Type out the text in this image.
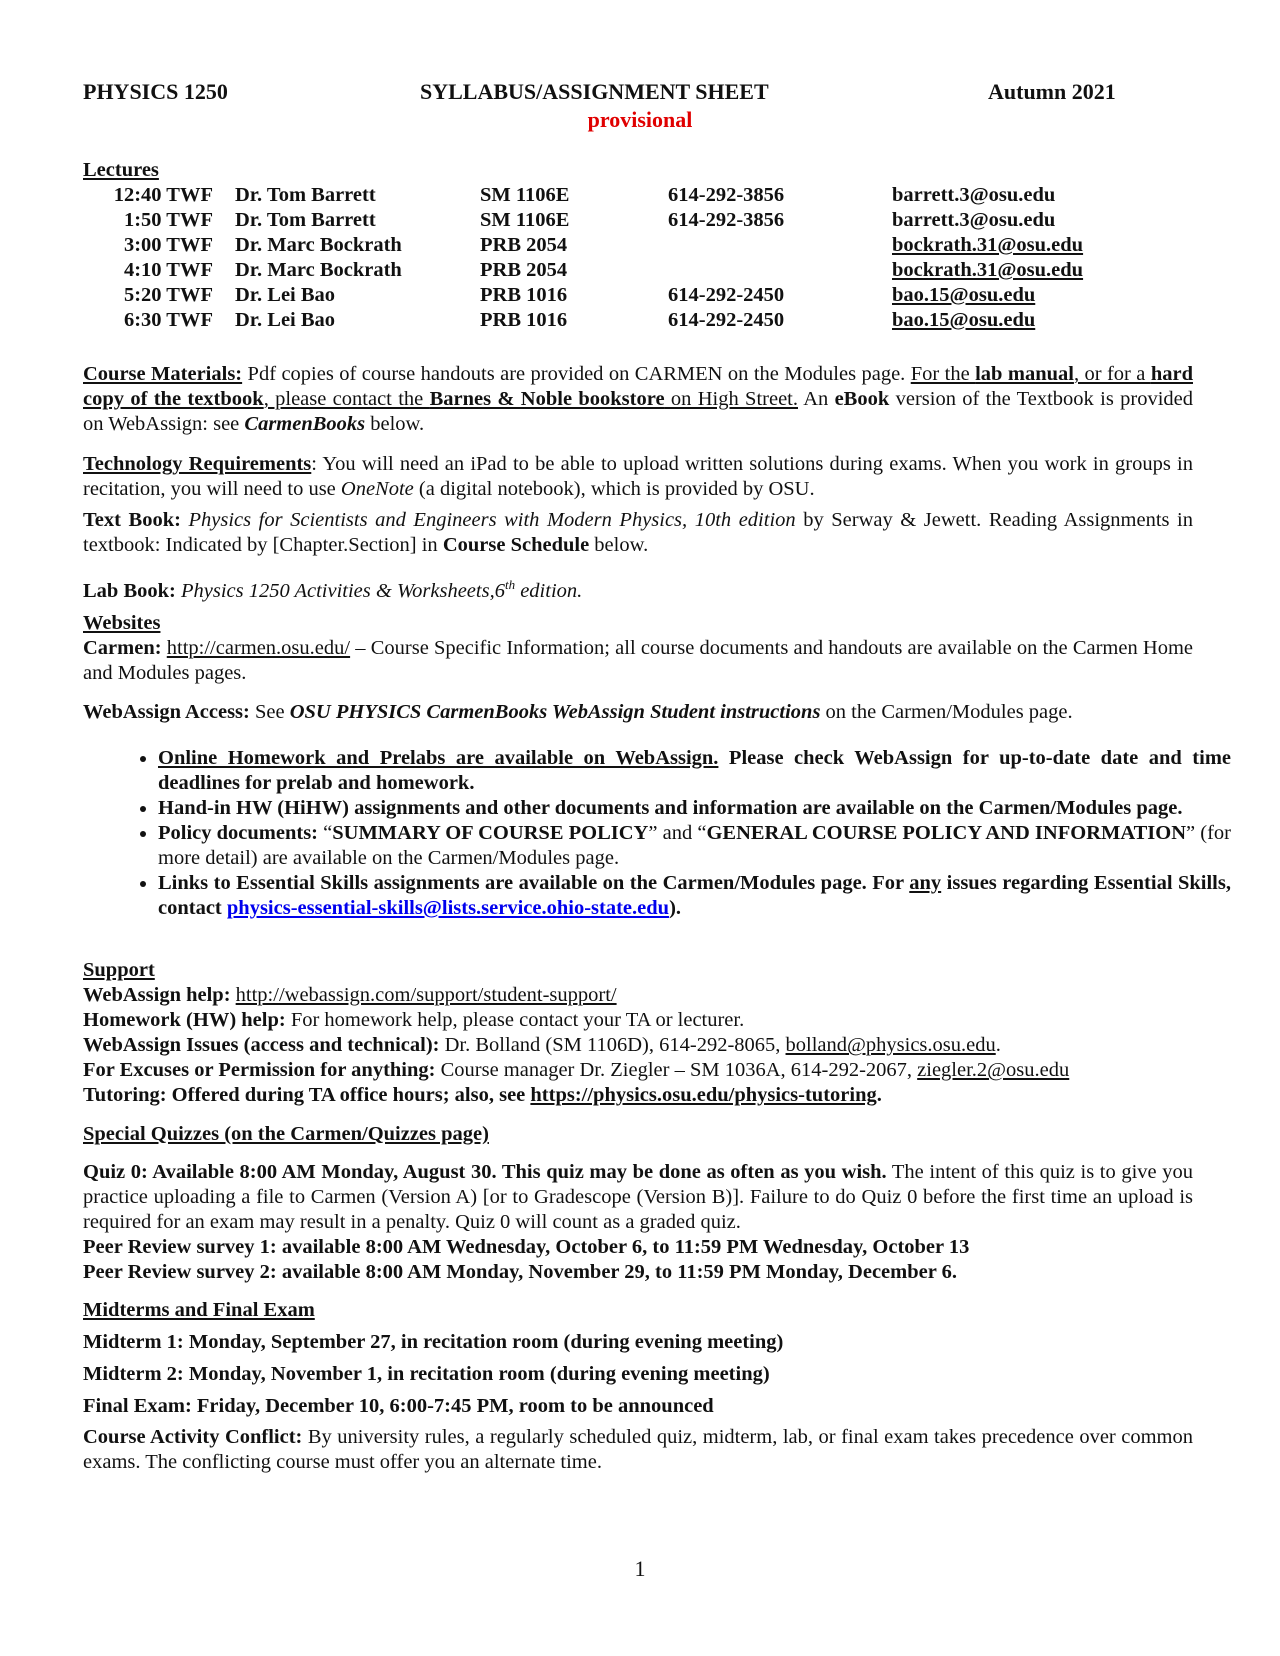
PHYSICS 1250	SYLLABUS/ASSIGNMENT SHEET	Autumn 2021
provisional
Lectures
12:40 TWF	Dr. Tom Barrett	SM 1106E	614-292-3856	barrett.3@osu.edu
1:50 TWF	Dr. Tom Barrett	SM 1106E	614-292-3856	barrett.3@osu.edu
3:00 TWF	Dr. Marc Bockrath	PRB 2054		bockrath.31@osu.edu
4:10 TWF	Dr. Marc Bockrath	PRB 2054		bockrath.31@osu.edu
5:20 TWF	Dr. Lei Bao	PRB 1016	614-292-2450	bao.15@osu.edu
6:30 TWF	Dr. Lei Bao	PRB 1016	614-292-2450	bao.15@osu.edu
Course Materials: Pdf copies of course handouts are provided on CARMEN on the Modules page. For the lab manual, or for a hard copy of the textbook, please contact the Barnes & Noble bookstore on High Street. An eBook version of the Textbook is provided on WebAssign: see CarmenBooks below.
Technology Requirements: You will need an iPad to be able to upload written solutions during exams. When you work in groups in recitation, you will need to use OneNote (a digital notebook), which is provided by OSU.
Text Book: Physics for Scientists and Engineers with Modern Physics, 10th edition by Serway & Jewett. Reading Assignments in textbook: Indicated by [Chapter.Section] in Course Schedule below.
Lab Book: Physics 1250 Activities & Worksheets,6th edition.
Websites
Carmen: http://carmen.osu.edu/ – Course Specific Information; all course documents and handouts are available on the Carmen Home and Modules pages.
WebAssign Access: See OSU PHYSICS CarmenBooks WebAssign Student instructions on the Carmen/Modules page.
• Online Homework and Prelabs are available on WebAssign. Please check WebAssign for up-to-date date and time deadlines for prelab and homework.
• Hand-in HW (HiHW) assignments and other documents and information are available on the Carmen/Modules page.
• Policy documents: “SUMMARY OF COURSE POLICY” and “GENERAL COURSE POLICY AND INFORMATION” (for more detail) are available on the Carmen/Modules page.
• Links to Essential Skills assignments are available on the Carmen/Modules page. For any issues regarding Essential Skills, contact physics-essential-skills@lists.service.ohio-state.edu).
Support
WebAssign help: http://webassign.com/support/student-support/
Homework (HW) help: For homework help, please contact your TA or lecturer.
WebAssign Issues (access and technical): Dr. Bolland (SM 1106D), 614-292-8065, bolland@physics.osu.edu.
For Excuses or Permission for anything: Course manager Dr. Ziegler – SM 1036A, 614-292-2067, ziegler.2@osu.edu
Tutoring: Offered during TA office hours; also, see https://physics.osu.edu/physics-tutoring.
Special Quizzes (on the Carmen/Quizzes page)
Quiz 0: Available 8:00 AM Monday, August 30. This quiz may be done as often as you wish. The intent of this quiz is to give you practice uploading a file to Carmen (Version A) [or to Gradescope (Version B)]. Failure to do Quiz 0 before the first time an upload is required for an exam may result in a penalty. Quiz 0 will count as a graded quiz.
Peer Review survey 1: available 8:00 AM Wednesday, October 6, to 11:59 PM Wednesday, October 13
Peer Review survey 2: available 8:00 AM Monday, November 29, to 11:59 PM Monday, December 6.
Midterms and Final Exam
Midterm 1: Monday, September 27, in recitation room (during evening meeting)
Midterm 2: Monday, November 1, in recitation room (during evening meeting)
Final Exam: Friday, December 10, 6:00-7:45 PM, room to be announced
Course Activity Conflict: By university rules, a regularly scheduled quiz, midterm, lab, or final exam takes precedence over common exams. The conflicting course must offer you an alternate time.
1
